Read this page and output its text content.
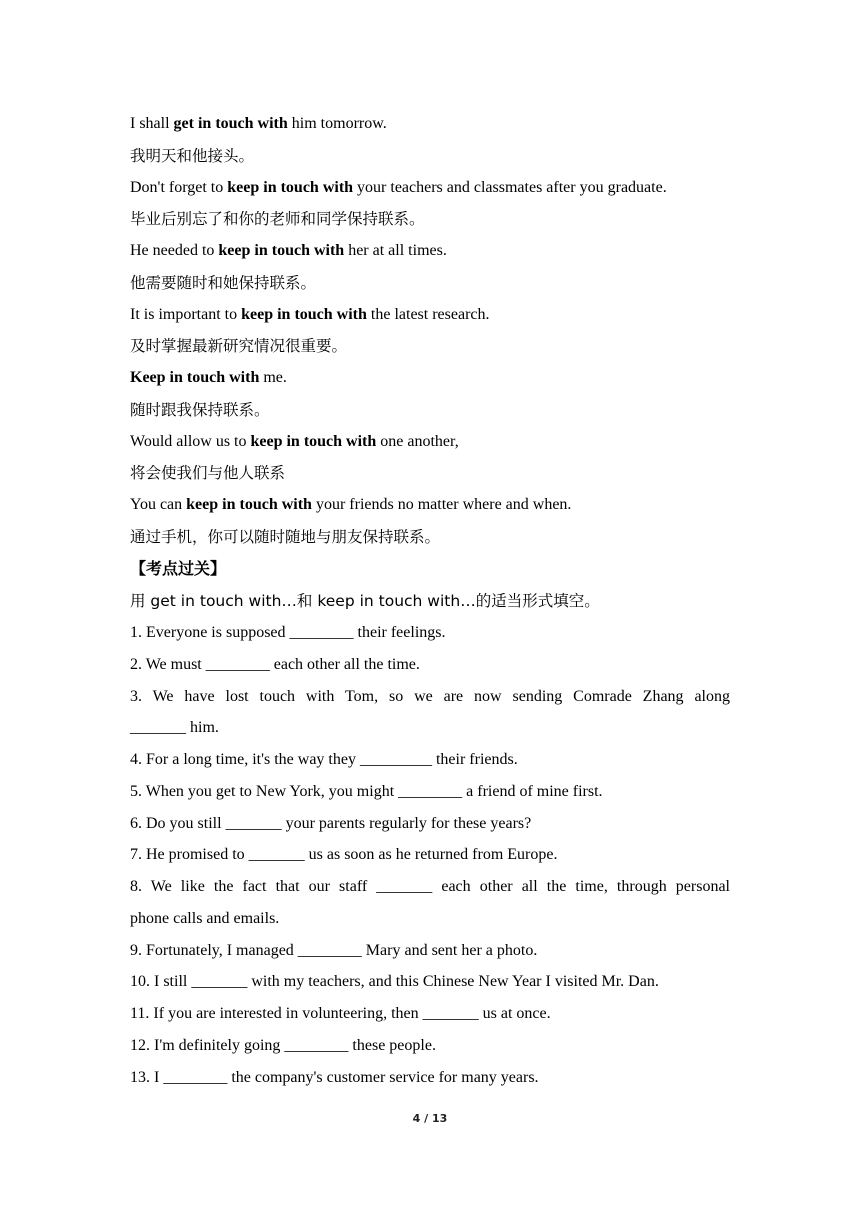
I shall get in touch with him tomorrow.
我明天和他接头。
Don't forget to keep in touch with your teachers and classmates after you graduate.
毕业后别忘了和你的老师和同学保持联系。
He needed to keep in touch with her at all times.
他需要随时和她保持联系。
It is important to keep in touch with the latest research.
及时掌握最新研究情况很重要。
Keep in touch with me.
随时跟我保持联系。
Would allow us to keep in touch with one another,
将会使我们与他人联系
You can keep in touch with your friends no matter where and when.
通过手机，你可以随时随地与朋友保持联系。
【考点过关】
用 get in touch with…和 keep in touch with…的适当形式填空。
1. Everyone is supposed ________ their feelings.
2. We must ________ each other all the time.
3. We have lost touch with Tom, so we are now sending Comrade Zhang along
_______ him.
4. For a long time, it's the way they _________ their friends.
5. When you get to New York, you might ________ a friend of mine first.
6. Do you still _______ your parents regularly for these years?
7. He promised to _______ us as soon as he returned from Europe.
8. We like the fact that our staff _______ each other all the time, through personal
phone calls and emails.
9. Fortunately, I managed ________ Mary and sent her a photo.
10. I still _______ with my teachers, and this Chinese New Year I visited Mr. Dan.
11. If you are interested in volunteering, then _______ us at once.
12. I'm definitely going ________ these people.
13. I ________ the company's customer service for many years.
4 / 13
